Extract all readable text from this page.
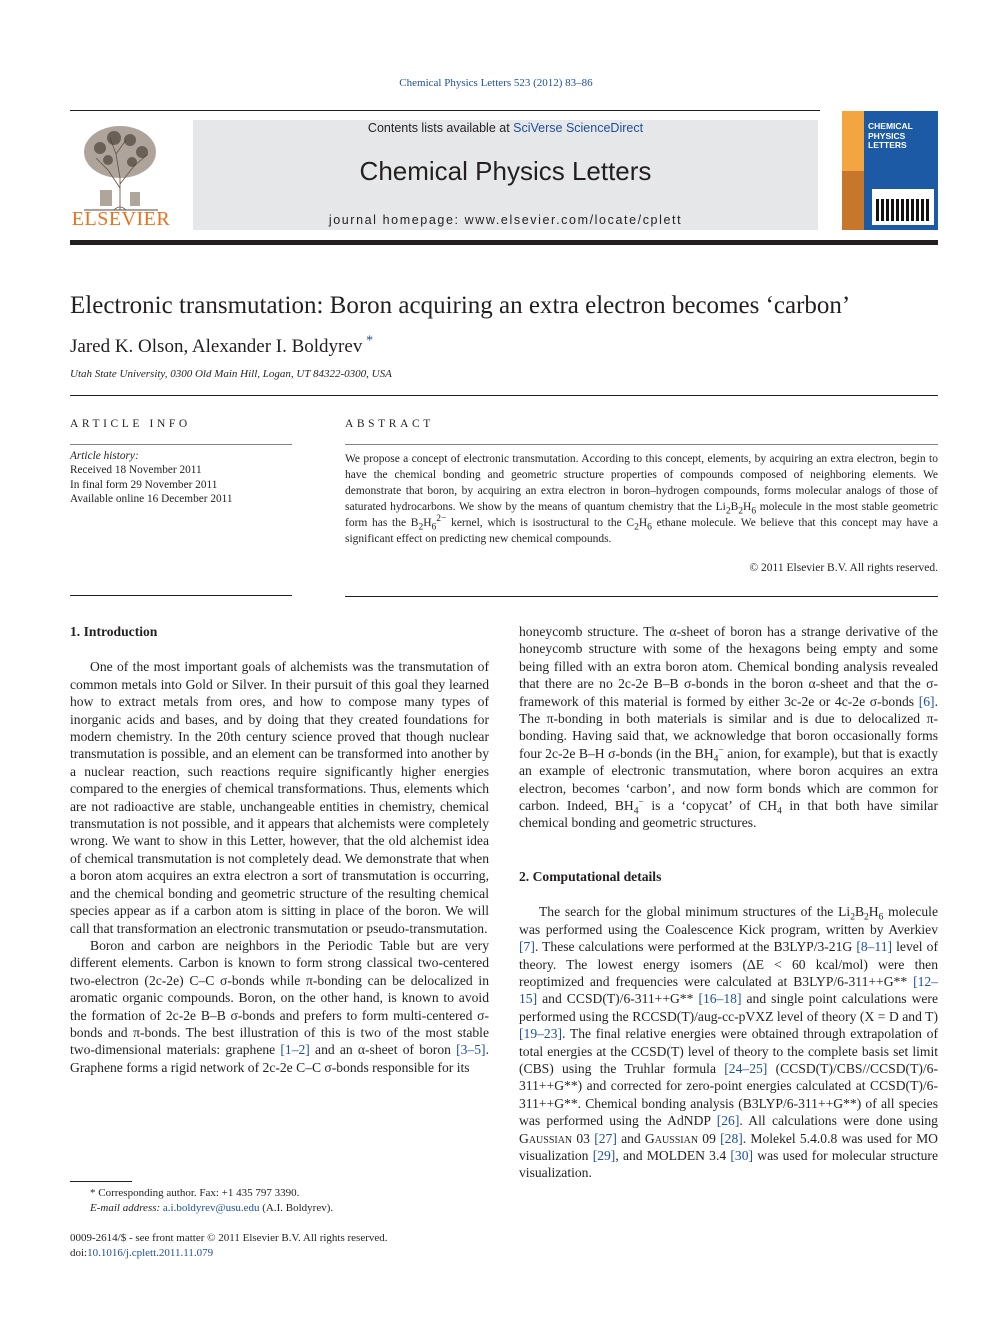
Chemical Physics Letters 523 (2012) 83–86
ELSEVIER
Contents lists available at SciVerse ScienceDirect
Chemical Physics Letters
journal homepage: www.elsevier.com/locate/cplett
CHEMICAL
PHYSICS
LETTERS
Electronic transmutation: Boron acquiring an extra electron becomes ‘carbon’
Jared K. Olson, Alexander I. Boldyrev  *
Utah State University, 0300 Old Main Hill, Logan, UT 84322-0300, USA
ARTICLE INFO
Article history:
Received 18 November 2011
In final form 29 November 2011
Available online 16 December 2011
ABSTRACT
We propose a concept of electronic transmutation. According to this concept, elements, by acquiring an extra electron, begin to have the chemical bonding and geometric structure properties of compounds composed of neighboring elements. We demonstrate that boron, by acquiring an extra electron in boron–hydrogen compounds, forms molecular analogs of those of saturated hydrocarbons. We show by the means of quantum chemistry that the $Li_2B_2H_6$ molecule in the most stable geometric form has the $B_2H_6^{2-}$ kernel, which is isostructural to the $C_2H_6$ ethane molecule. We believe that this concept may have a significant effect on predicting new chemical compounds.
© 2011 Elsevier B.V. All rights reserved.
1. Introduction

One of the most important goals of alchemists was the transmutation of common metals into Gold or Silver. In their pursuit of this goal they learned how to extract metals from ores, and how to compose many types of inorganic acids and bases, and by doing that they created foundations for modern chemistry. In the 20th century science proved that though nuclear transmutation is possible, and an element can be transformed into another by a nuclear reaction, such reactions require significantly higher energies compared to the energies of chemical transformations. Thus, elements which are not radioactive are stable, unchangeable entities in chemistry, chemical transmutation is not possible, and it appears that alchemists were completely wrong. We want to show in this Letter, however, that the old alchemist idea of chemical transmutation is not completely dead. We demonstrate that when a boron atom acquires an extra electron a sort of transmutation is occurring, and the chemical bonding and geometric structure of the resulting chemical species appear as if a carbon atom is sitting in place of the boron. We will call that transformation an electronic transmutation or pseudo-transmutation.

Boron and carbon are neighbors in the Periodic Table but are very different elements. Carbon is known to form strong classical two-centered two-electron (2c-2e) C–C σ-bonds while π-bonding can be delocalized in aromatic organic compounds. Boron, on the other hand, is known to avoid the formation of 2c-2e B–B σ-bonds and prefers to form multi-centered σ-bonds and π-bonds. The best illustration of this is two of the most stable two-dimensional materials: graphene [1–2] and an α-sheet of boron [3–5]. Graphene forms a rigid network of 2c-2e C–C σ-bonds responsible for its

honeycomb structure. The α-sheet of boron has a strange derivative of the honeycomb structure with some of the hexagons being empty and some being filled with an extra boron atom. Chemical bonding analysis revealed that there are no 2c-2e B–B σ-bonds in the boron α-sheet and that the σ-framework of this material is formed by either 3c-2e or 4c-2e σ-bonds [6]. The π-bonding in both materials is similar and is due to delocalized π-bonding. Having said that, we acknowledge that boron occasionally forms four 2c-2e B–H σ-bonds (in the $BH_4^-$ anion, for example), but that is exactly an example of electronic transmutation, where boron acquires an extra electron, becomes ‘carbon’, and now form bonds which are common for carbon. Indeed, $BH_4^-$ is a ‘copycat’ of $CH_4$ in that both have similar chemical bonding and geometric structures.

2. Computational details

The search for the global minimum structures of the $Li_2B_2H_6$ molecule was performed using the Coalescence Kick program, written by Averkiev [7]. These calculations were performed at the B3LYP/3-21G [8–11] level of theory. The lowest energy isomers (ΔE < 60 kcal/mol) were then reoptimized and frequencies were calculated at B3LYP/6-311++G** [12–15] and CCSD(T)/6-311++G** [16–18] and single point calculations were performed using the RCCSD(T)/aug-cc-pVXZ level of theory (X = D and T) [19–23]. The final relative energies were obtained through extrapolation of total energies at the CCSD(T) level of theory to the complete basis set limit (CBS) using the Truhlar formula [24–25] (CCSD(T)/CBS//CCSD(T)/6-311++G**) and corrected for zero-point energies calculated at CCSD(T)/6-311++G**. Chemical bonding analysis (B3LYP/6-311++G**) of all species was performed using the AdNDP [26]. All calculations were done using Gaussian 03 [27] and Gaussian 09 [28]. Molekel 5.4.0.8 was used for MO visualization [29], and MOLDEN 3.4 [30] was used for molecular structure visualization.

* Corresponding author. Fax: +1 435 797 3390.
E-mail address: a.i.boldyrev@usu.edu (A.I. Boldyrev).
0009-2614/$ - see front matter © 2011 Elsevier B.V. All rights reserved.
doi:10.1016/j.cplett.2011.11.079
